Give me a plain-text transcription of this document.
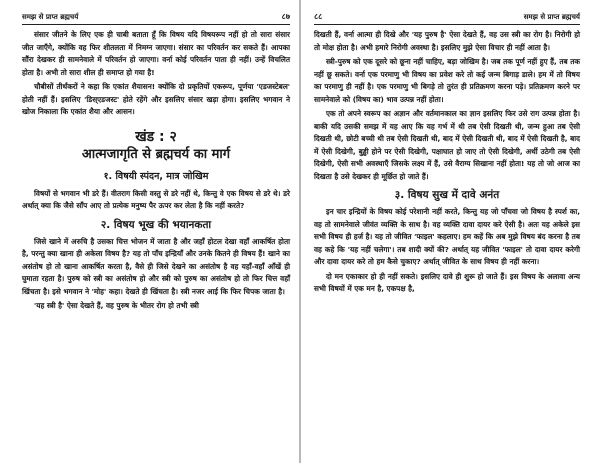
समझ से प्राप्त ब्रह्मचर्य	८७

संसार जीतने के लिए एक ही चाबी बताता हूँ कि विषय यदि विषयरूप नहीं हो तो सारा संसार जीत जाएँगे, क्योंकि वह फिर शीतलता में निमग्न जाएगा। संसार का परिवर्तन कर सकते हैं। आपका सौंरा देखकर ही सामनेवाले में परिवर्तन हो जाएगा। वर्ना कोई परिवर्तन पाता ही नहीं। उन्हें विचलित होता है। अभी तो सारा शील ही समाप्त हो गया है!

चौबीसों तीर्थंकरों ने कहा कि एकांत शैयासन! क्योंकि दो प्रकृतियों एकरूप, पूर्णया 'एडजस्टेबल' होती नहीं हैं। इसलिए 'डिस्एडजस्ट' होते रहेंगे और इसलिए संसार खड़ा होगा। इसलिए भगवान ने खोज निकाला कि एकांत शैया और आसन।

खंड : २
आत्मजागृति से ब्रह्मचर्य का मार्ग
१. विषयी स्पंदन, मात्र जोखिम

विषयों से भगवान भी डरे हैं। वीतराग किसी वस्तु से डरे नहीं थे, किन्तु वे एक विषय से डरे थे। डरे अर्थात् क्या कि जैसे साँप आए तो प्रत्येक मनुष्य पैर ऊपर कर लेता है कि नहीं करते?

२. विषय भूख की भयानकता

जिसे खाने में अरुचि है उसका चित्त भोजन में जाता है और जहाँ होटल देखा वहाँ आकर्षित होता है, परन्तु क्या खाना ही अकेला विषय है? यह तो पाँच इन्द्रियाँ और उनके कितने ही विषय हैं! खाने का असंतोष हो तो खाना आकर्षित करता है, वैसे ही जिसे देखने का असंतोष है वह यहाँ-वहाँ आँखें ही घुमाता रहता है। पुरुष को स्त्री का असंतोष हो और स्त्री को पुरुष का असंतोष हो तो फिर चित्त वहाँ खिंचता है। इसे भगवान ने 'मोह' कहा। देखते ही खिंचता है। स्त्री नजर आई कि फिर चिपक जाता है।

'यह स्त्री है' ऐसा देखते हैं, वह पुरुष के भीतर रोग हो तभी स्त्री

८८	समझ से प्राप्त ब्रह्मचर्य

दिखती हैं, वर्ना आत्मा ही दिखे और 'यह पुरुष है' ऐसा देखते हैं, वह उस स्त्री का रोग है। निरोगी हो तो मोक्ष होता है। अभी हमारे निरोगी अवस्था है। इसलिए मुझे ऐसा विचार ही नहीं आता है।

स्त्री-पुरुष को एक दूसरे को छूना नहीं चाहिए, बड़ा जोखिम है। जब तक पूर्ण नहीं हुए हैं, तब तक नहीं छू सकते। वर्ना एक परमाणु भी विषय का प्रवेश करे तो कई जन्म बिगाड़ डाले। हम में तो विषय का परमाणु ही नहीं है। एक परमाणु भी बिगड़े तो तुरंत ही प्रतिक्रमण करना पड़े। प्रतिक्रमण करने पर सामनेवाले को (विषय का) भाव उत्पन्न नहीं होता।

एक तो अपने स्वरूप का अज्ञान और वर्तमानकाल का ज्ञान इसलिए फिर उसे राग उत्पन्न होता है। बाकी यदि उसकी समझ में यह आए कि यह गर्भ में थी तब ऐसी दिखती थी, जन्म हुआ तब ऐसी दिखती थी, छोटी बच्ची थी तब ऐसी दिखती थी, बाद में ऐसी दिखती थी, बाद में ऐसी दिखती है, बाद में ऐसी दिखेगी, बुड्ढी होने पर ऐसी दिखेगी, पक्षाघात हो जाए तो ऐसी दिखेगी, अर्थी उठेगी तब ऐसी दिखेगी, ऐसी सभी अवस्थाएँ जिसके लक्ष्य में हैं, उसे वैराग्य सिखाना नहीं होता! यह तो जो आज का दिखता है उसे देखकर ही मूर्छित हो जाते हैं।

३. विषय सुख में दावे अनंत

इन चार इन्द्रियों के विषय कोई परेशानी नहीं करते, किन्तु यह जो पाँचवा जो विषय है स्पर्श का, वह तो सामनेवाले जीवंत व्यक्ति के साथ है। वह व्यक्ति दावा दायर करे ऐसी है। अतः यह अकेले इस सभी विषय ही हर्ज है। यह तो जीवित 'फाइल' कहलाए। हम कहें कि अब मुझे विषय बंद करना है तब वह कहे कि 'यह नहीं चलेगा'। तब शादी क्यों की? अर्थात् यह जीवित 'फाइल' तो दावा दायर करेगी और दावा दायर करे तो हम कैसे चुकाए? अर्थात् जीवित के साथ विषय ही नहीं करना।

दो मन एकाकार हो ही नहीं सकते। इसलिए दावे ही शुरू हो जाते हैं। इस विषय के अलावा अन्य सभी विषयों में एक मन है, एकपक्ष है,
